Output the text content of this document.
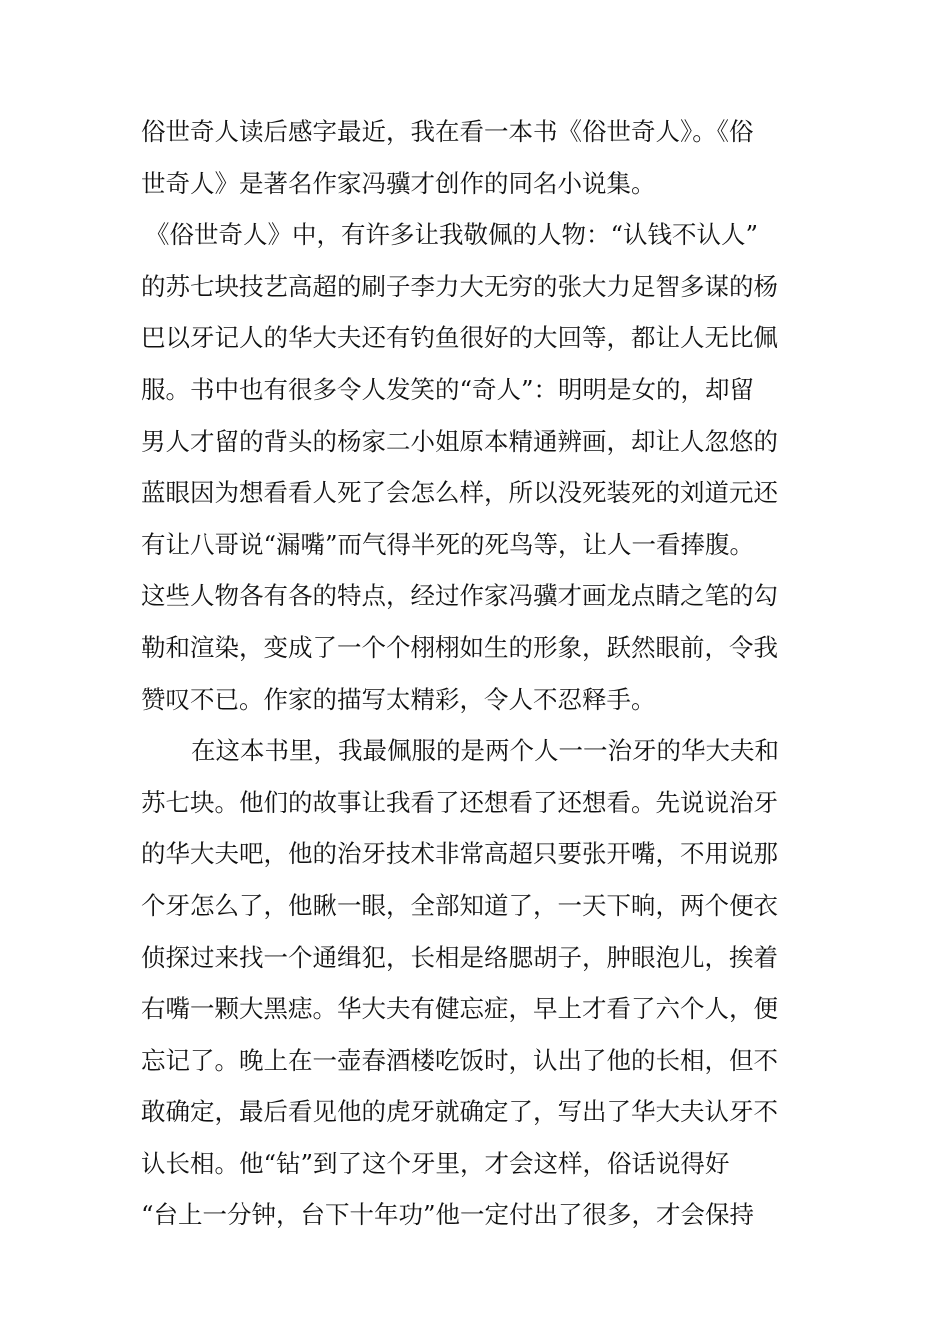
俗世奇人读后感字最近，我在看一本书《俗世奇人》。《俗
世奇人》是著名作家冯骥才创作的同名小说集。
《俗世奇人》中，有许多让我敬佩的人物：“认钱不认人”
的苏七块技艺高超的刷子李力大无穷的张大力足智多谋的杨
巴以牙记人的华大夫还有钓鱼很好的大回等，都让人无比佩
服。书中也有很多令人发笑的“奇人”：明明是女的，却留
男人才留的背头的杨家二小姐原本精通辨画，却让人忽悠的
蓝眼因为想看看人死了会怎么样，所以没死装死的刘道元还
有让八哥说“漏嘴”而气得半死的死鸟等，让人一看捧腹。
这些人物各有各的特点，经过作家冯骥才画龙点睛之笔的勾
勒和渲染，变成了一个个栩栩如生的形象，跃然眼前，令我
赞叹不已。作家的描写太精彩，令人不忍释手。
在这本书里，我最佩服的是两个人一一治牙的华大夫和
苏七块。他们的故事让我看了还想看了还想看。先说说治牙
的华大夫吧，他的治牙技术非常高超只要张开嘴，不用说那
个牙怎么了，他瞅一眼，全部知道了，一天下晌，两个便衣
侦探过来找一个通缉犯，长相是络腮胡子，肿眼泡儿，挨着
右嘴一颗大黑痣。华大夫有健忘症，早上才看了六个人，便
忘记了。晚上在一壶春酒楼吃饭时，认出了他的长相，但不
敢确定，最后看见他的虎牙就确定了，写出了华大夫认牙不
认长相。他“钻”到了这个牙里，才会这样，俗话说得好
“台上一分钟，台下十年功”他一定付出了很多，才会保持
